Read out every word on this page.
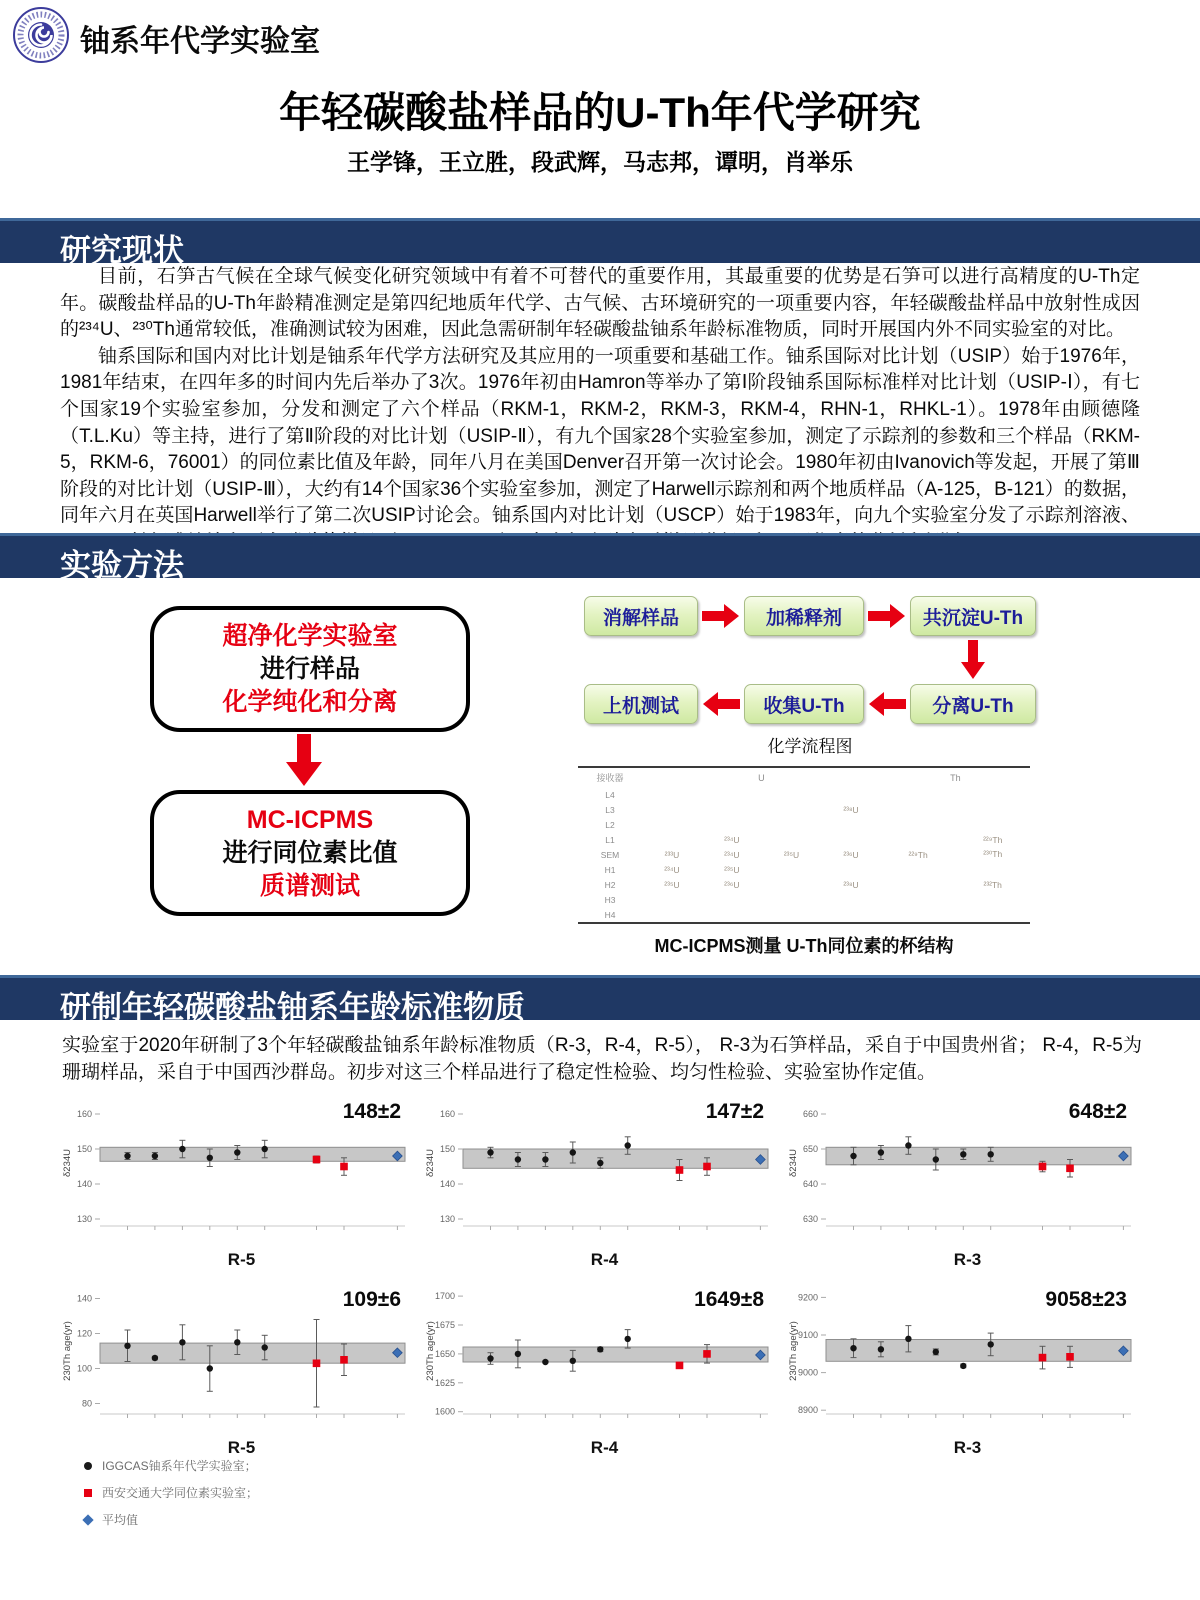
铀系年代学实验室
年轻碳酸盐样品的U-Th年代学研究
王学锋，王立胜，段武辉，马志邦，谭明，肖举乐
研究现状

目前，石笋古气候在全球气候变化研究领域中有着不可替代的重要作用，其最重要的优势是石笋可以进行高精度的U-Th定年。碳酸盐样品的U-Th年龄精准测定是第四纪地质年代学、古气候、古环境研究的一项重要内容，年轻碳酸盐样品中放射性成因的²³⁴U、²³⁰Th通常较低，准确测试较为困难，因此急需研制年轻碳酸盐铀系年龄标准物质，同时开展国内外不同实验室的对比。

铀系国际和国内对比计划是铀系年代学方法研究及其应用的一项重要和基础工作。铀系国际对比计划（USIP）始于1976年，1981年结束，在四年多的时间内先后举办了3次。1976年初由Hamron等举办了第Ⅰ阶段铀系国际标准样对比计划（USIP-Ⅰ），有七个国家19个实验室参加，分发和测定了六个样品（RKM-1，RKM-2，RKM-3，RKM-4，RHN-1，RHKL-1）。1978年由顾德隆（T.L.Ku）等主持，进行了第Ⅱ阶段的对比计划（USIP-Ⅱ），有九个国家28个实验室参加，测定了示踪剂的参数和三个样品（RKM-5，RKM-6，76001）的同位素比值及年龄，同年八月在美国Denver召开第一次讨论会。1980年初由Ivanovich等发起，开展了第Ⅲ阶段的对比计划（USIP-Ⅲ），大约有14个国家36个实验室参加，测定了Harwell示踪剂和两个地质样品（A-125，B-121）的数据，同年六月在英国Harwell举行了第二次USIP讨论会。铀系国内对比计划（USCP）始于1983年，向九个实验室分发了示踪剂溶液、

实验方法
超净化学实验室
进行样品
化学纯化和分离
MC-ICPMS
进行同位素比值
质谱测试
消解样品	加稀释剂	共沉淀U-Th
上机测试	收集U-Th	分离U-Th
化学流程图
接收器	U				Th	
L4						
L3				²³⁸U		
L2						
L1		²³⁴U				²²⁹Th
SEM	²³³U	²³⁴U	²³⁵U	²³⁶U	²²⁹Th	²³⁰Th
H1	²³⁴U	²³⁵U				
H2	²³⁵U	²³⁶U		²³⁸U		²³²Th
H3						
H4						
MC-ICPMS测量 U-Th同位素的杯结构
研制年轻碳酸盐铀系年龄标准物质
实验室于2020年研制了3个年轻碳酸盐铀系年龄标准物质（R-3，R-4，R-5）， R-3为石笋样品，采自于中国贵州省； R-4，R-5为珊瑚样品，采自于中国西沙群岛。初步对这三个样品进行了稳定性检验、均匀性检验、实验室协作定值。
160
150
140
130
148±2
δ234U
160
150
140
130
147±2
δ234U
660
650
640
630
648±2
δ234U
R-5	R-4	R-3
140
120
100
80
109±6
230Th age(yr)
1700
1675
1650
1625
1600
1649±8
230Th age(yr)
9200
9100
9000
8900
9058±23
230Th age(yr)
R-5	R-4	R-3
IGGCAS铀系年代学实验室；
西安交通大学同位素实验室；
平均值
